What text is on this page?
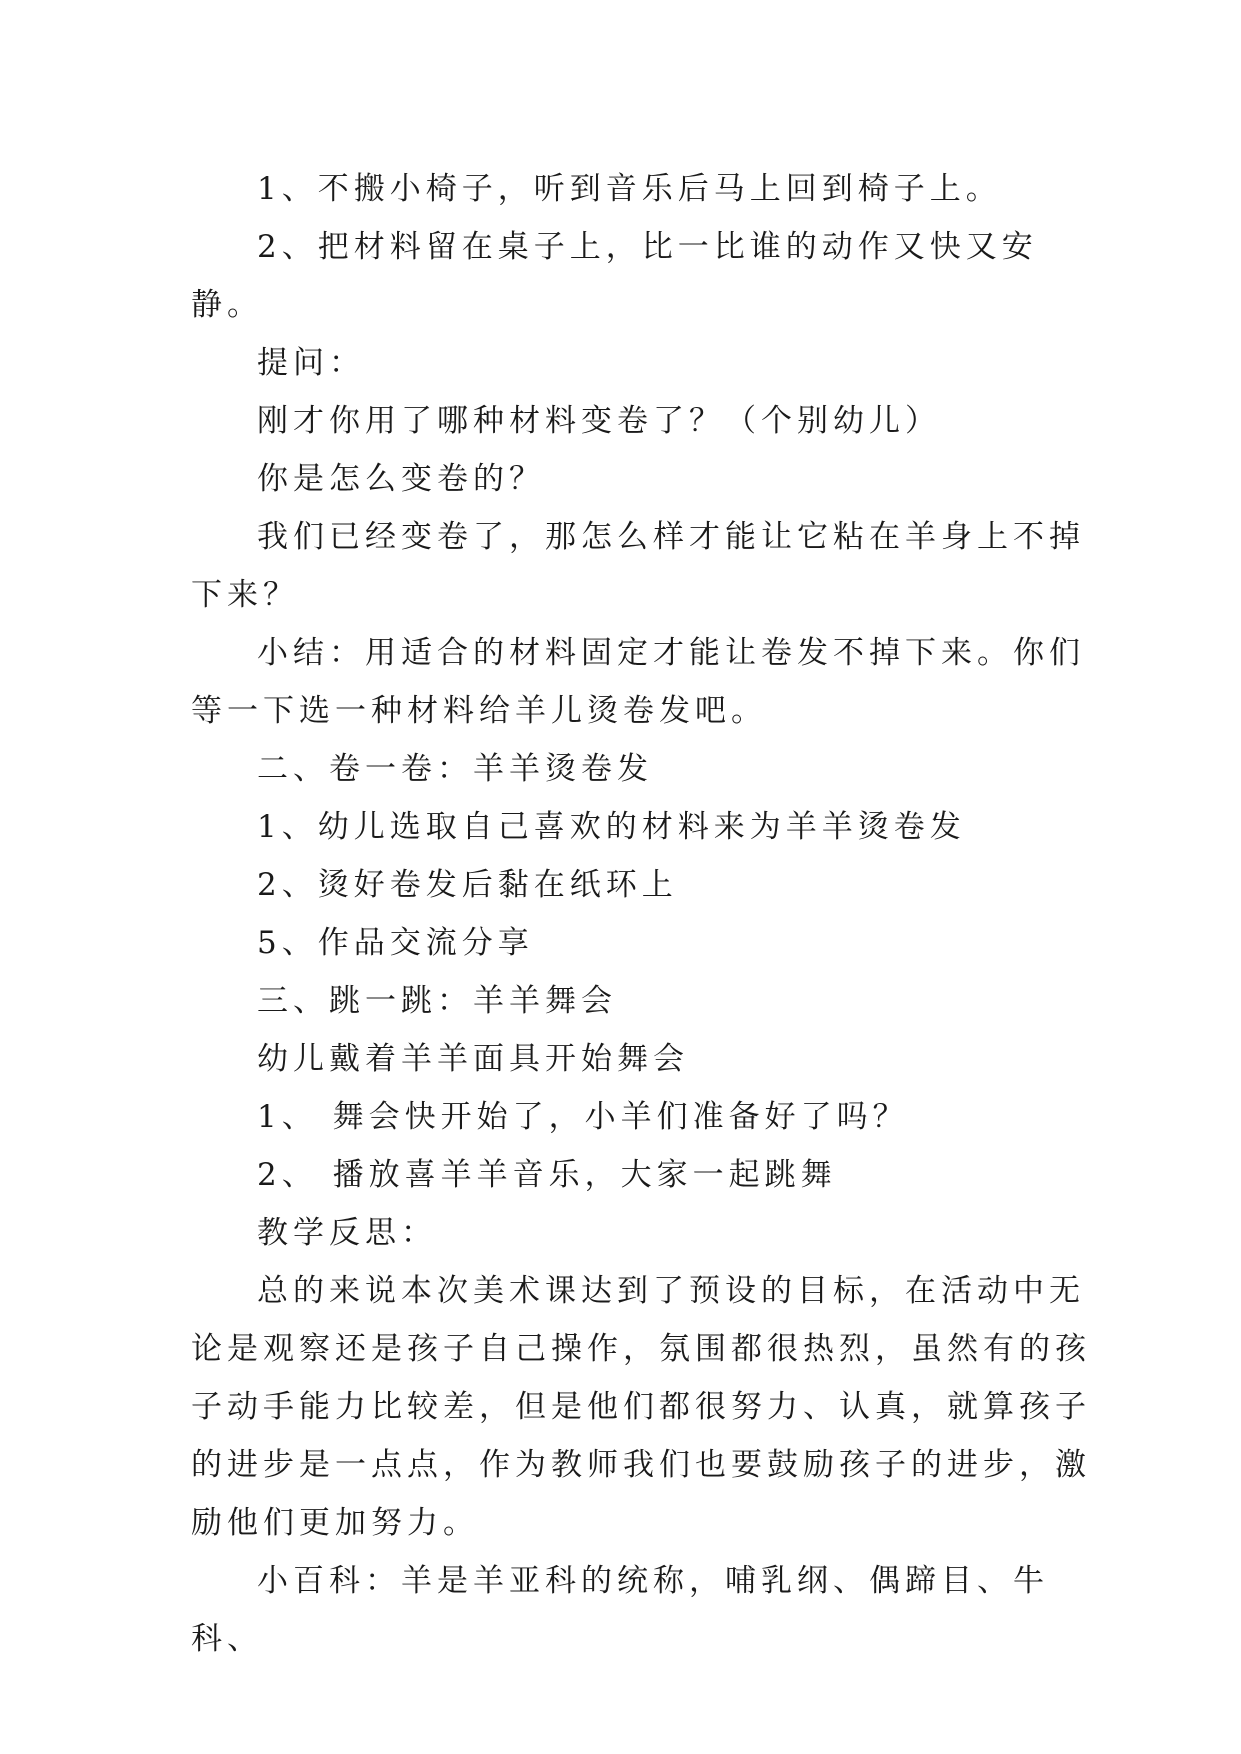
1、不搬小椅子，听到音乐后马上回到椅子上。

2、把材料留在桌子上，比一比谁的动作又快又安静。

提问：

刚才你用了哪种材料变卷了？（个别幼儿）

你是怎么变卷的？

我们已经变卷了，那怎么样才能让它粘在羊身上不掉下来？

小结：用适合的材料固定才能让卷发不掉下来。你们等一下选一种材料给羊儿烫卷发吧。

二、卷一卷：羊羊烫卷发

1、幼儿选取自己喜欢的材料来为羊羊烫卷发

2、烫好卷发后黏在纸环上

5、作品交流分享

三、跳一跳：羊羊舞会

幼儿戴着羊羊面具开始舞会

1、 舞会快开始了，小羊们准备好了吗？

2、 播放喜羊羊音乐，大家一起跳舞

教学反思：

总的来说本次美术课达到了预设的目标，在活动中无论是观察还是孩子自己操作，氛围都很热烈，虽然有的孩子动手能力比较差，但是他们都很努力、认真，就算孩子的进步是一点点，作为教师我们也要鼓励孩子的进步，激励他们更加努力。

小百科：羊是羊亚科的统称，哺乳纲、偶蹄目、牛科、
